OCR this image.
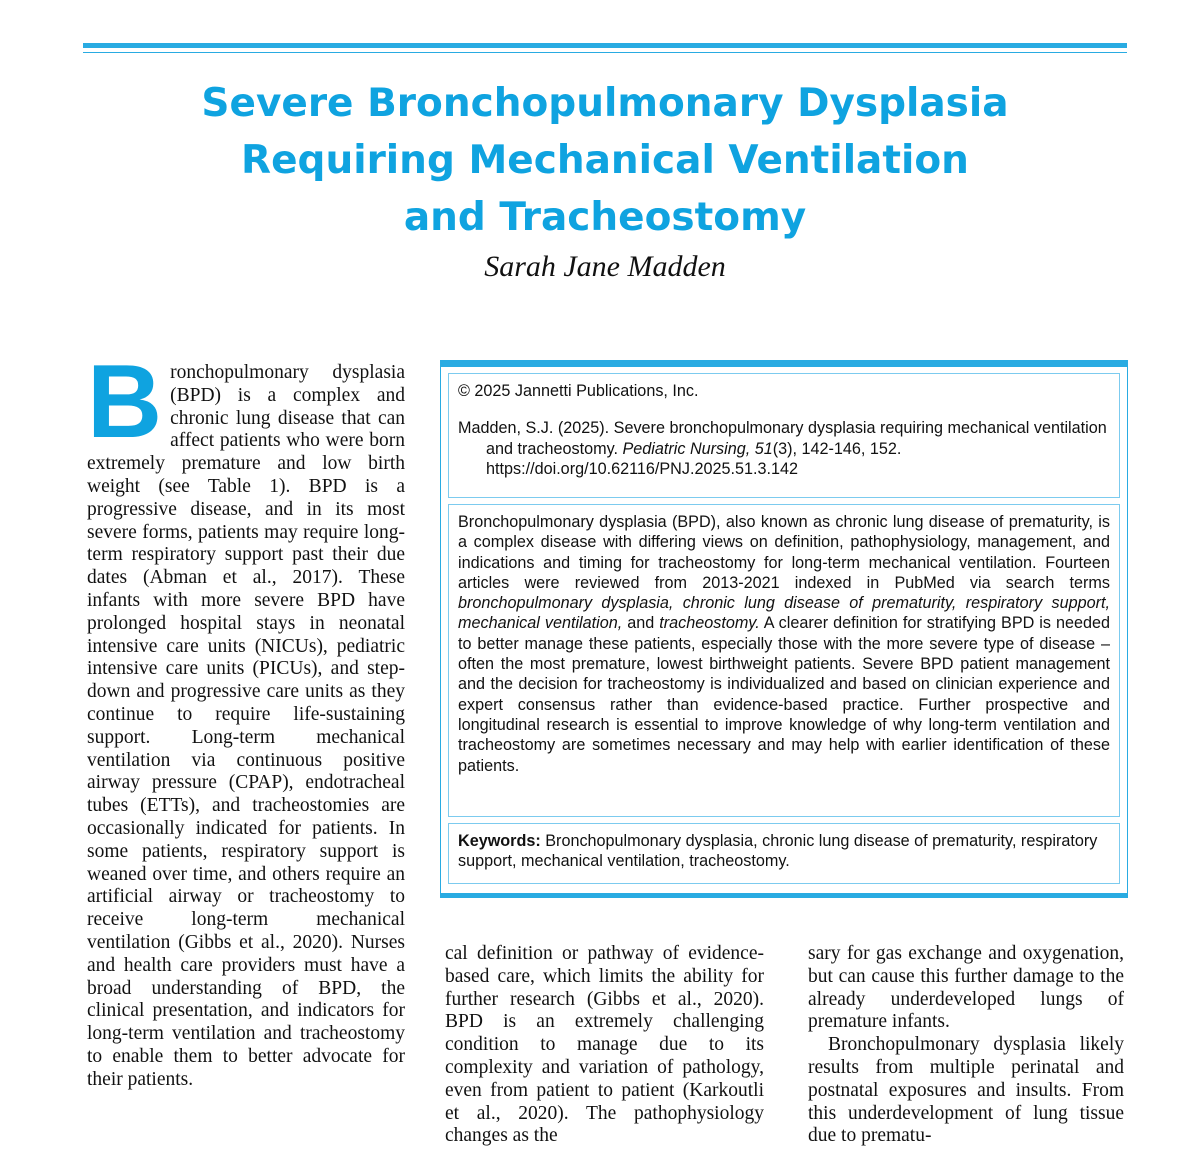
Severe Bronchopulmonary Dysplasia
Requiring Mechanical Ventilation
and Tracheostomy
Sarah Jane Madden
B ronchopulmonary dysplasia (BPD) is a complex and chronic lung disease that can affect patients who were born extremely premature and low birth weight (see Table 1). BPD is a progressive disease, and in its most severe forms, patients may require long-term respiratory support past their due dates (Abman et al., 2017). These infants with more severe BPD have prolonged hospital stays in neonatal intensive care units (NICUs), pediatric intensive care units (PICUs), and step-down and progressive care units as they continue to require life-sustaining support. Long-term mechanical ventilation via continuous positive airway pressure (CPAP), endotracheal tubes (ETTs), and tracheostomies are occasionally indicated for patients. In some patients, respiratory support is weaned over time, and others require an artificial airway or tracheostomy to receive long-term mechanical ventilation (Gibbs et al., 2020). Nurses and health care providers must have a broad understanding of BPD, the clinical presentation, and indicators for long-term ventilation and tracheostomy to enable them to better advocate for their patients.

© 2025 Jannetti Publications, Inc.

Madden, S.J. (2025). Severe bronchopulmonary dysplasia requiring mechanical ventilation and tracheostomy. Pediatric Nursing, 51(3), 142-146, 152. https://doi.org/10.62116/PNJ.2025.51.3.142

Bronchopulmonary dysplasia (BPD), also known as chronic lung disease of prematurity, is a complex disease with differing views on definition, pathophysiology, management, and indications and timing for tracheostomy for long-term mechanical ventilation. Fourteen articles were reviewed from 2013-2021 indexed in PubMed via search terms bronchopulmonary dysplasia, chronic lung disease of prematurity, respiratory support, mechanical ventilation, and tracheostomy. A clearer definition for stratifying BPD is needed to better manage these patients, especially those with the more severe type of disease – often the most premature, lowest birthweight patients. Severe BPD patient management and the decision for tracheostomy is individualized and based on clinician experience and expert consensus rather than evidence-based practice. Further prospective and longitudinal research is essential to improve knowledge of why long-term ventilation and tracheostomy are sometimes necessary and may help with earlier identification of these patients.

Keywords: Bronchopulmonary dysplasia, chronic lung disease of prematurity, respiratory support, mechanical ventilation, tracheostomy.

cal definition or pathway of evidence-based care, which limits the ability for further research (Gibbs et al., 2020). BPD is an extremely challenging condition to manage due to its complexity and variation of pathology, even from patient to patient (Karkoutli et al., 2020). The pathophysiology changes as the

sary for gas exchange and oxygenation, but can cause this further damage to the already underdeveloped lungs of premature infants.

Bronchopulmonary dysplasia likely results from multiple perinatal and postnatal exposures and insults. From this underdevelopment of lung tissue due to prematu-
